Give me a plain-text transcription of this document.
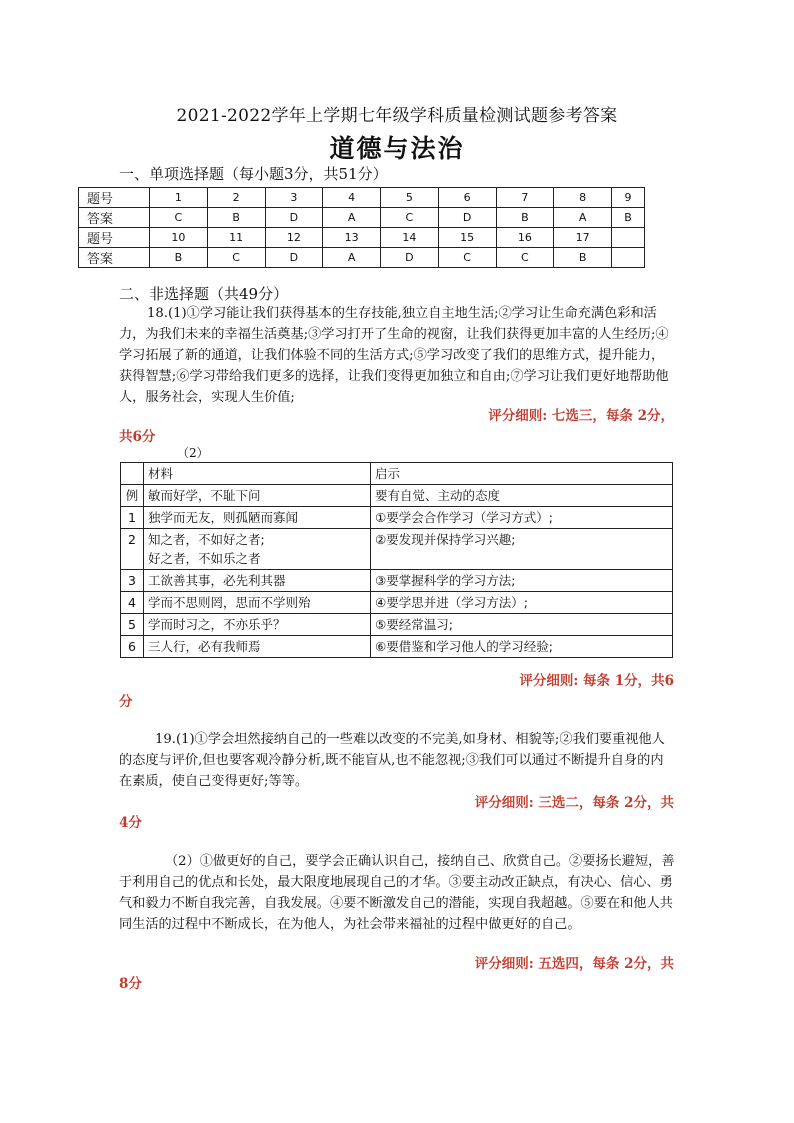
2021-2022学年上学期七年级学科质量检测试题参考答案
道德与法治
一、单项选择题（每小题3分，共51分）
题号	1	2	3	4	5	6	7	8	9
答案	C	B	D	A	C	D	B	A	B
题号	10	11	12	13	14	15	16	17	
答案	B	C	D	A	D	C	C	B	
二、非选择题（共49分）
18.(1)①学习能让我们获得基本的生存技能,独立自主地生活;②学习让生命充满色彩和活力，为我们未来的幸福生活奠基;③学习打开了生命的视窗，让我们获得更加丰富的人生经历;④学习拓展了新的通道，让我们体验不同的生活方式;⑤学习改变了我们的思维方式，提升能力，获得智慧;⑥学习带给我们更多的选择，让我们变得更加独立和自由;⑦学习让我们更好地帮助他人，服务社会，实现人生价值;
评分细则: 七选三，每条 2分，
共6分
（2）
	材料	启示
例	敏而好学，不耻下问	要有自觉、主动的态度
1	独学而无友，则孤陋而寡闻	①要学会合作学习（学习方式）;
2	知之者，不如好之者;
好之者，不如乐之者	②要发现并保持学习兴趣;
3	工欲善其事，必先利其器	③要掌握科学的学习方法;
4	学而不思则罔，思而不学则殆	④要学思并进（学习方法）;
5	学而时习之，不亦乐乎？	⑤要经常温习;
6	三人行，必有我师焉	⑥要借鉴和学习他人的学习经验;
评分细则: 每条 1分，共6
分
19.(1)①学会坦然接纳自己的一些难以改变的不完美,如身材、相貌等;②我们要重视他人的态度与评价,但也要客观冷静分析,既不能盲从,也不能忽视;③我们可以通过不断提升自身的内在素质，使自己变得更好;等等。
评分细则: 三选二，每条 2分，共
4分
（2）①做更好的自己，要学会正确认识自己，接纳自己、欣赏自己。②要扬长避短，善于利用自己的优点和长处，最大限度地展现自己的才华。③要主动改正缺点，有决心、信心、勇气和毅力不断自我完善，自我发展。④要不断激发自己的潜能，实现自我超越。⑤要在和他人共同生活的过程中不断成长，在为他人，为社会带来福祉的过程中做更好的自己。
评分细则: 五选四，每条 2分，共
8分
